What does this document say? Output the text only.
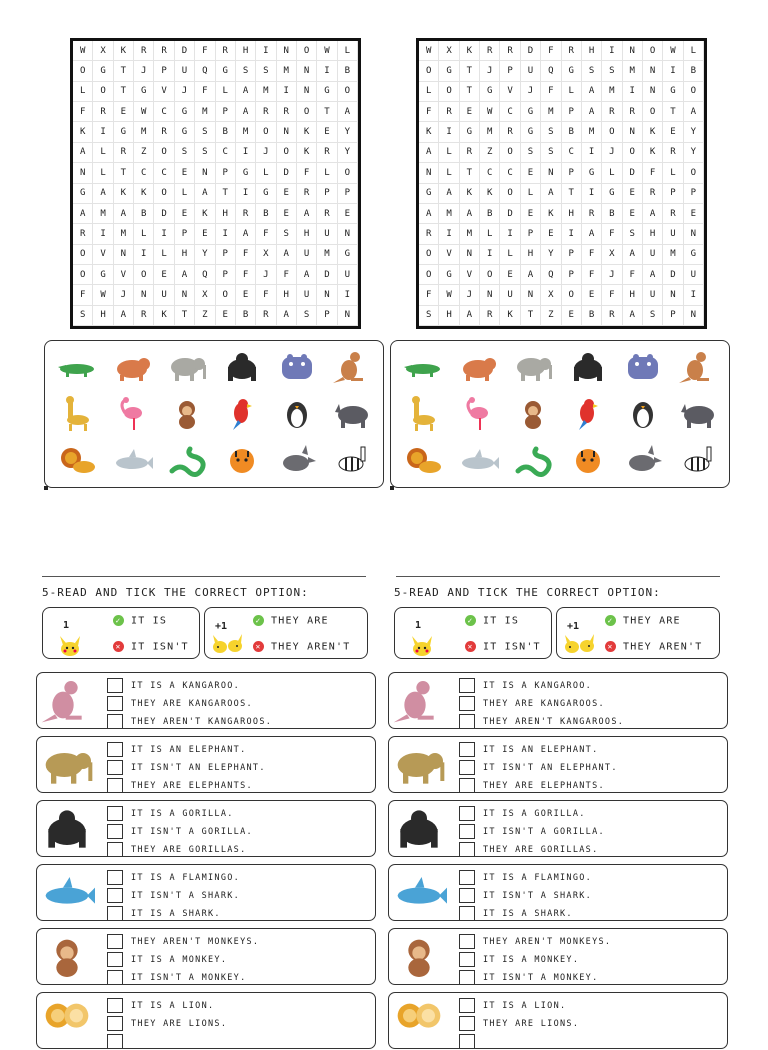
W	X	K	R	R	D	F	R	H	I	N	O	W	L
O	G	T	J	P	U	Q	G	S	S	M	N	I	B
L	O	T	G	V	J	F	L	A	M	I	N	G	O
F	R	E	W	C	G	M	P	A	R	R	O	T	A
K	I	G	M	R	G	S	B	M	O	N	K	E	Y
A	L	R	Z	O	S	S	C	I	J	O	K	R	Y
N	L	T	C	C	E	N	P	G	L	D	F	L	O
G	A	K	K	O	L	A	T	I	G	E	R	P	P
A	M	A	B	D	E	K	H	R	B	E	A	R	E
R	I	M	L	I	P	E	I	A	F	S	H	U	N
O	V	N	I	L	H	Y	P	F	X	A	U	M	G
O	G	V	O	E	A	Q	P	F	J	F	A	D	U
F	W	J	N	U	N	X	O	E	F	H	U	N	I
S	H	A	R	K	T	Z	E	B	R	A	S	P	N
W	X	K	R	R	D	F	R	H	I	N	O	W	L
O	G	T	J	P	U	Q	G	S	S	M	N	I	B
L	O	T	G	V	J	F	L	A	M	I	N	G	O
F	R	E	W	C	G	M	P	A	R	R	O	T	A
K	I	G	M	R	G	S	B	M	O	N	K	E	Y
A	L	R	Z	O	S	S	C	I	J	O	K	R	Y
N	L	T	C	C	E	N	P	G	L	D	F	L	O
G	A	K	K	O	L	A	T	I	G	E	R	P	P
A	M	A	B	D	E	K	H	R	B	E	A	R	E
R	I	M	L	I	P	E	I	A	F	S	H	U	N
O	V	N	I	L	H	Y	P	F	X	A	U	M	G
O	G	V	O	E	A	Q	P	F	J	F	A	D	U
F	W	J	N	U	N	X	O	E	F	H	U	N	I
S	H	A	R	K	T	Z	E	B	R	A	S	P	N
5-READ AND TICK THE CORRECT OPTION:
1	✓ IT IS
✕ IT ISN'T
+1
✓ THEY ARE
✕ THEY AREN'T
5-READ AND TICK THE CORRECT OPTION:
1	✓ IT IS
✕ IT ISN'T
+1
✓ THEY ARE
✕ THEY AREN'T
IT IS A KANGAROO.
THEY ARE KANGAROOS.
THEY AREN'T KANGAROOS.
IT IS AN ELEPHANT.
IT ISN'T AN ELEPHANT.
THEY ARE ELEPHANTS.
IT IS A GORILLA.
IT ISN'T A GORILLA.
THEY ARE GORILLAS.
IT IS A FLAMINGO.
IT ISN'T A SHARK.
IT IS A SHARK.
THEY AREN'T MONKEYS.
IT IS A MONKEY.
IT ISN'T A MONKEY.
IT IS A LION.
THEY ARE LIONS.
IT IS A KANGAROO.
THEY ARE KANGAROOS.
THEY AREN'T KANGAROOS.
IT IS AN ELEPHANT.
IT ISN'T AN ELEPHANT.
THEY ARE ELEPHANTS.
IT IS A GORILLA.
IT ISN'T A GORILLA.
THEY ARE GORILLAS.
IT IS A FLAMINGO.
IT ISN'T A SHARK.
IT IS A SHARK.
THEY AREN'T MONKEYS.
IT IS A MONKEY.
IT ISN'T A MONKEY.
IT IS A LION.
THEY ARE LIONS.
